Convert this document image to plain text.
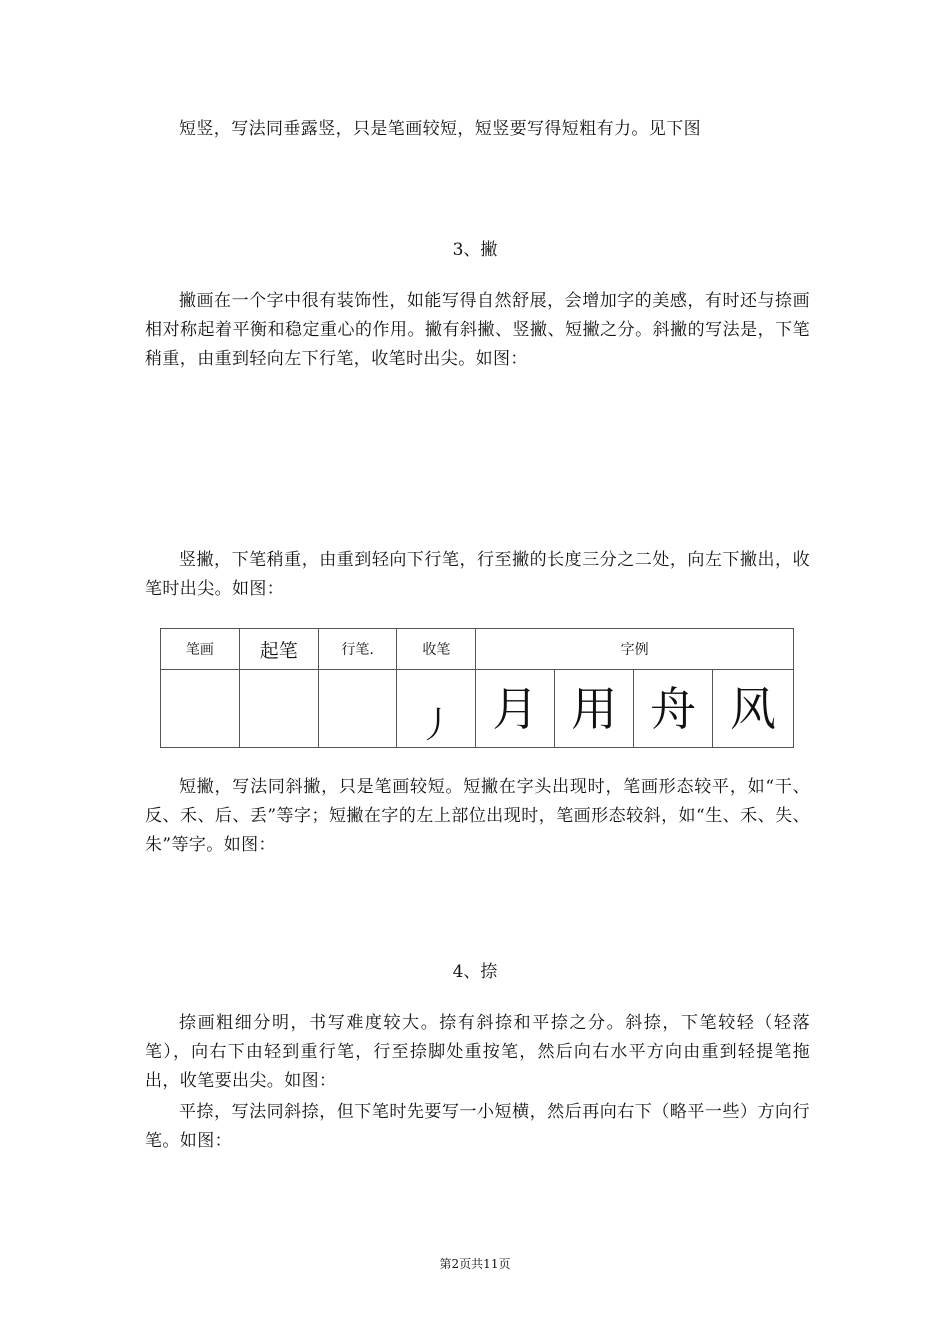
短竖，写法同垂露竖，只是笔画较短，短竖要写得短粗有力。见下图

3、撇

撇画在一个字中很有装饰性，如能写得自然舒展，会增加字的美感，有时还与捺画相对称起着平衡和稳定重心的作用。撇有斜撇、竖撇、短撇之分。斜撇的写法是，下笔稍重，由重到轻向左下行笔，收笔时出尖。如图：

竖撇，下笔稍重，由重到轻向下行笔，行至撇的长度三分之二处，向左下撇出，收笔时出尖。如图：

笔画	起笔	行笔.	收笔	字例			
			丿	月	用	舟	风

短撇，写法同斜撇，只是笔画较短。短撇在字头出现时，笔画形态较平，如“干、反、禾、后、丢”等字；短撇在字的左上部位出现时，笔画形态较斜，如“生、禾、失、朱”等字。如图：

4、捺

捺画粗细分明，书写难度较大。捺有斜捺和平捺之分。斜捺，下笔较轻（轻落笔），向右下由轻到重行笔，行至捺脚处重按笔，然后向右水平方向由重到轻提笔拖出，收笔要出尖。如图：

平捺，写法同斜捺，但下笔时先要写一小短横，然后再向右下（略平一些）方向行笔。如图：

第2页共11页
